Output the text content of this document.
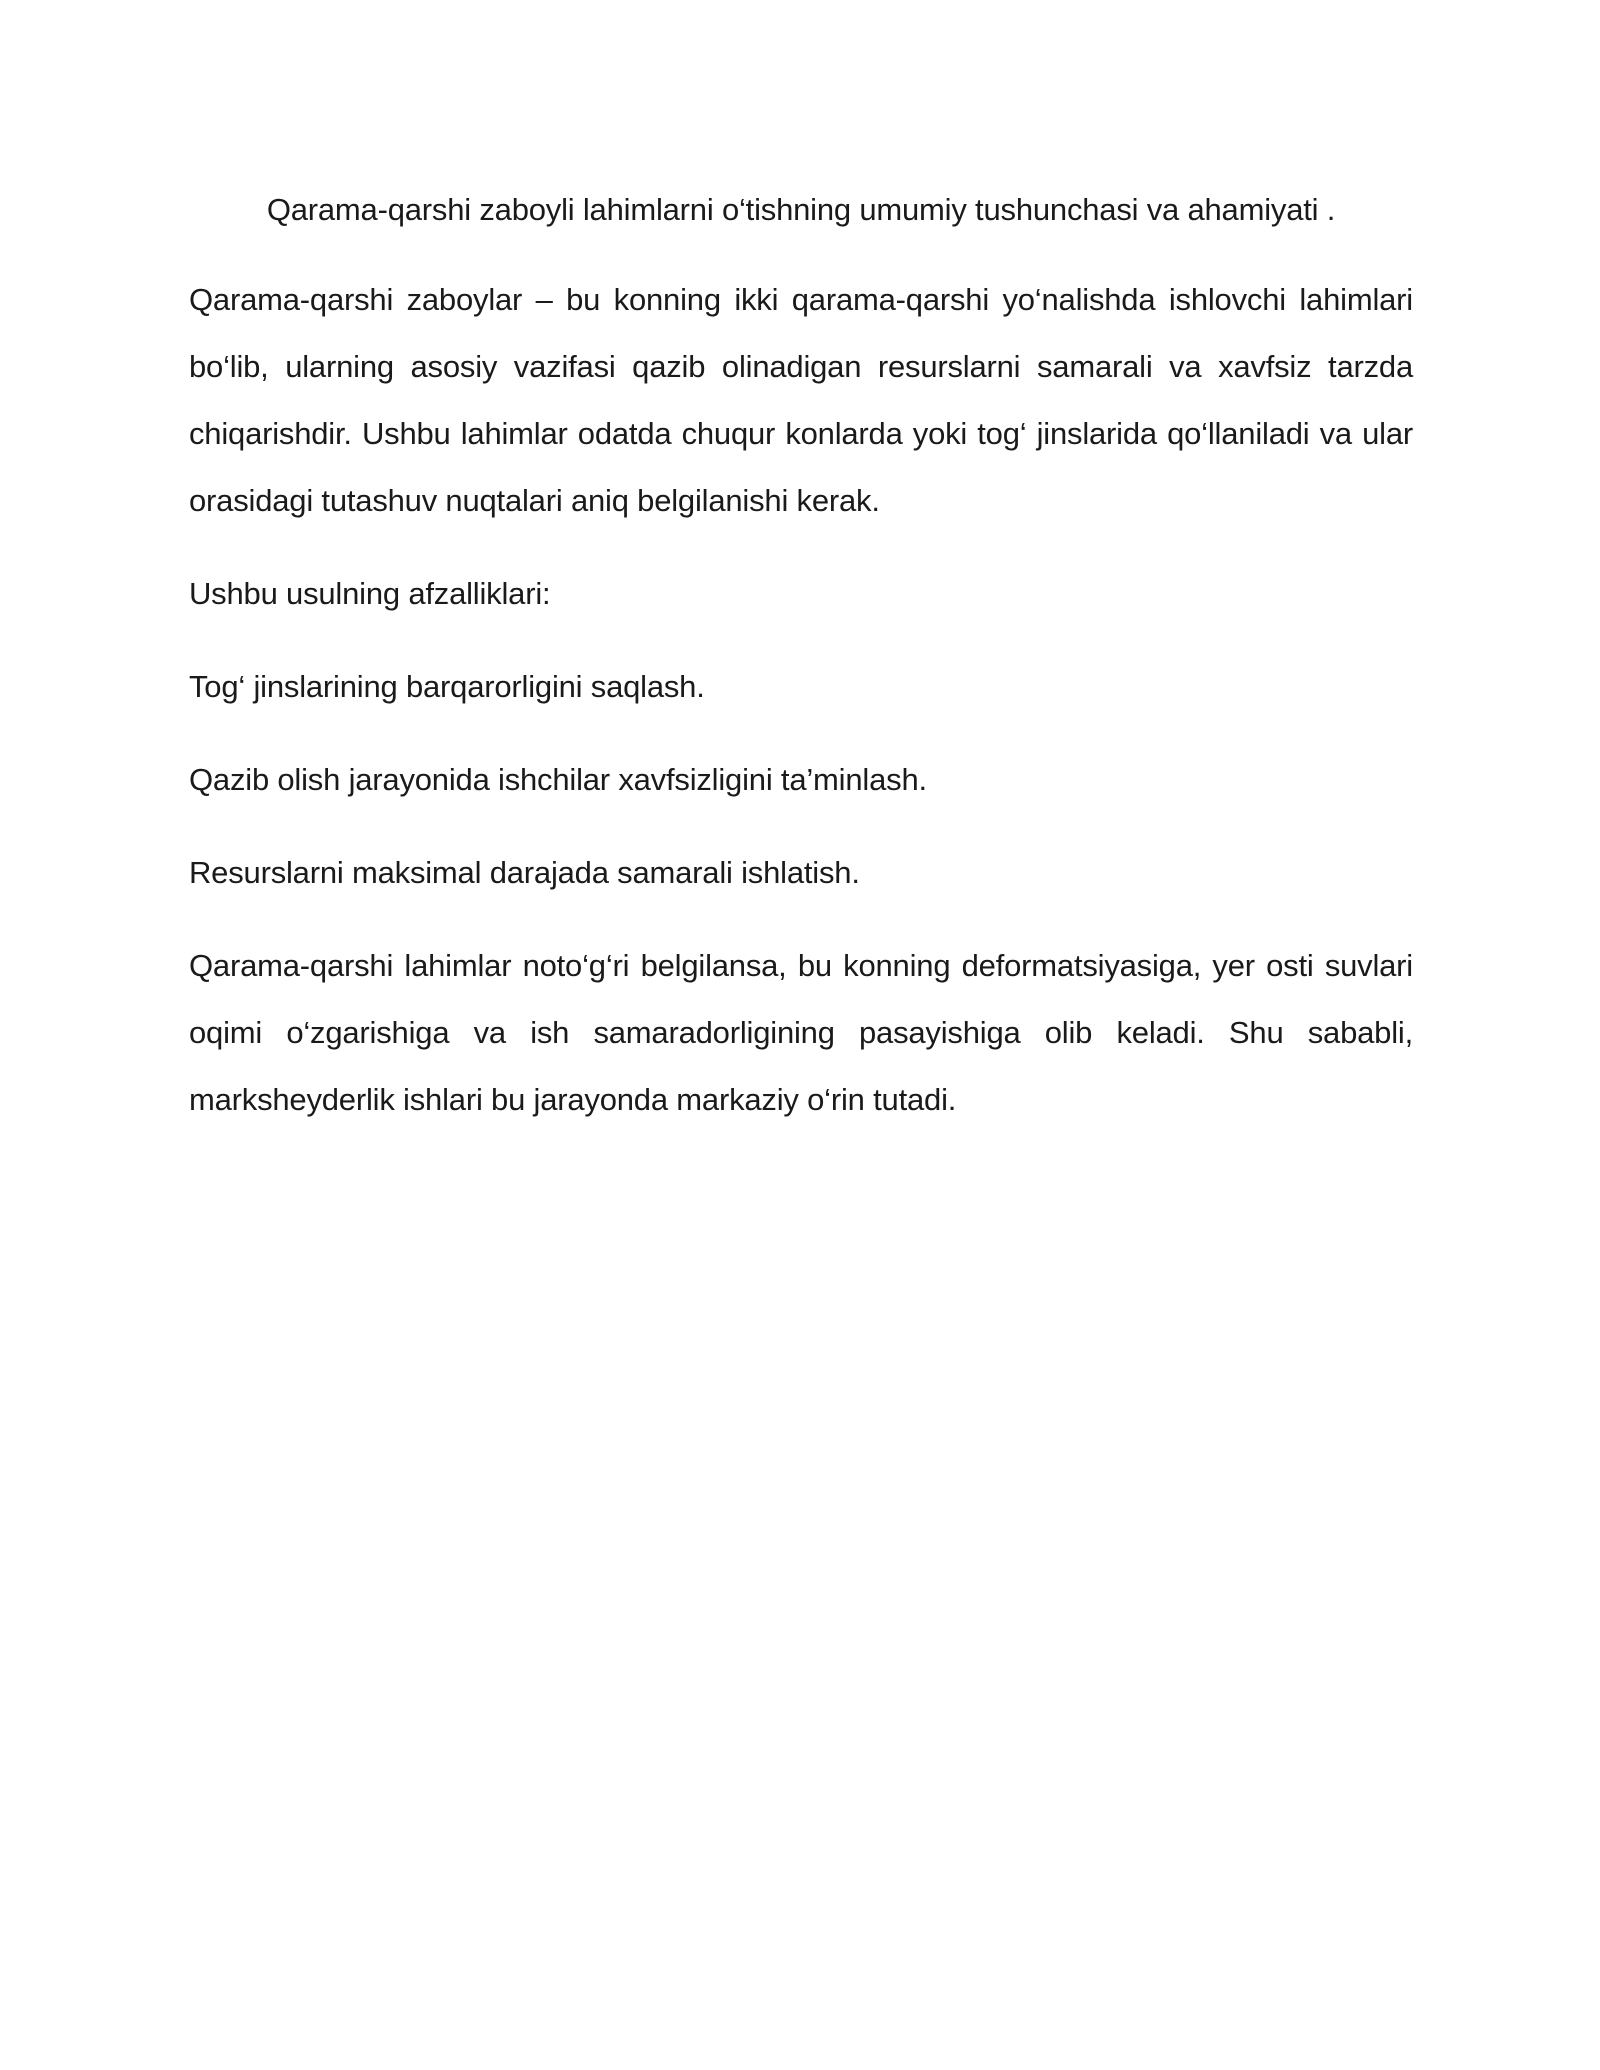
Qarama-qarshi zaboyli lahimlarni o‘tishning umumiy tushunchasi va ahamiyati .

Qarama-qarshi zaboylar – bu konning ikki qarama-qarshi yo‘nalishda ishlovchi lahimlari bo‘lib, ularning asosiy vazifasi qazib olinadigan resurslarni samarali va xavfsiz tarzda chiqarishdir. Ushbu lahimlar odatda chuqur konlarda yoki tog‘ jinslarida qo‘llaniladi va ular orasidagi tutashuv nuqtalari aniq belgilanishi kerak.

Ushbu usulning afzalliklari:

Tog‘ jinslarining barqarorligini saqlash.

Qazib olish jarayonida ishchilar xavfsizligini ta’minlash.

Resurslarni maksimal darajada samarali ishlatish.

Qarama-qarshi lahimlar noto‘g‘ri belgilansa, bu konning deformatsiyasiga, yer osti suvlari oqimi o‘zgarishiga va ish samaradorligining pasayishiga olib keladi. Shu sababli, marksheyderlik ishlari bu jarayonda markaziy o‘rin tutadi.
